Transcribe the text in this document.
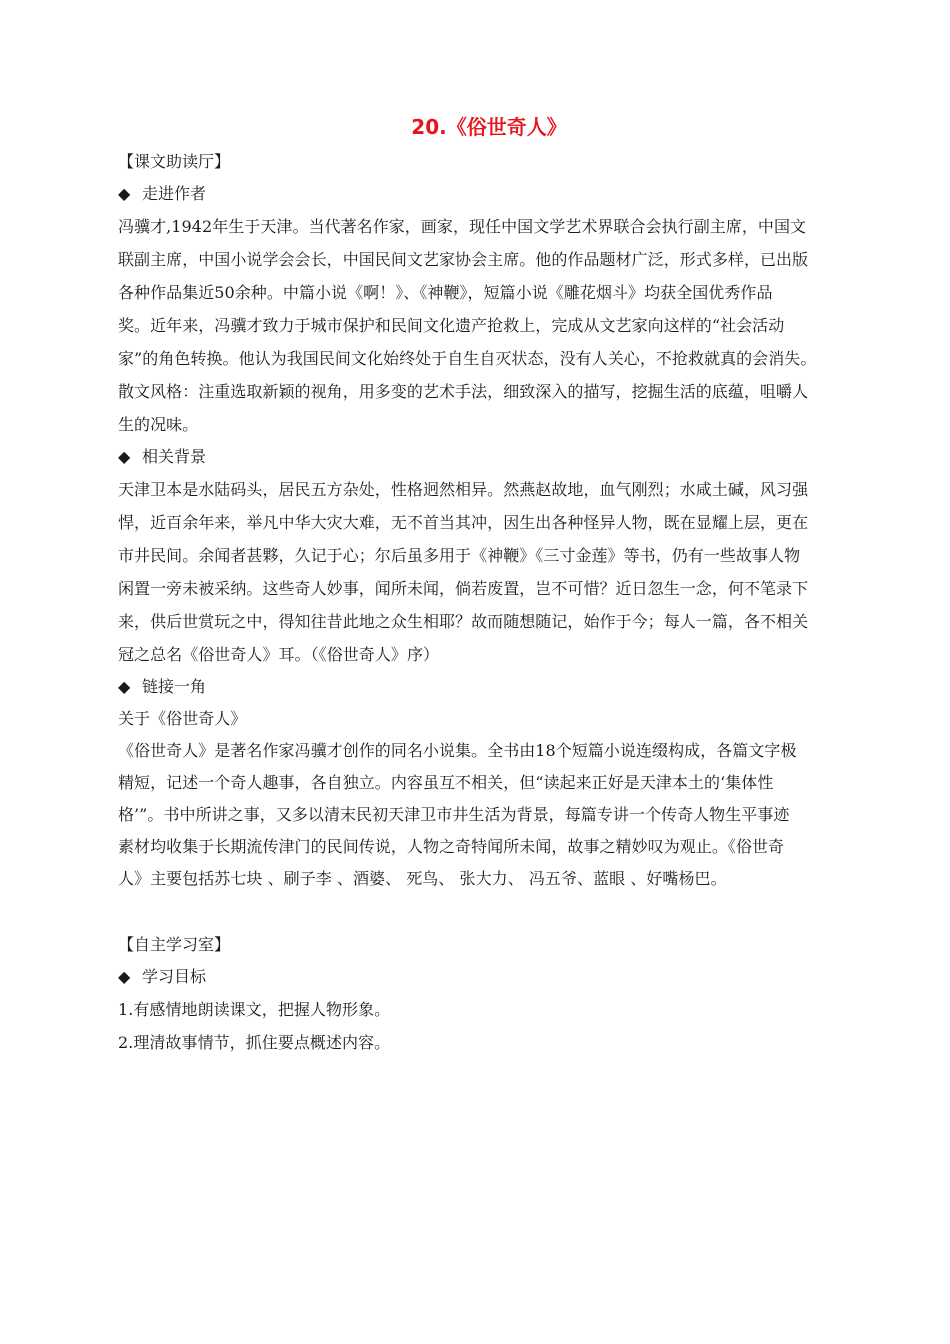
20.《俗世奇人》
【课文助读厅】
◆ 走进作者
冯骥才,1942年生于天津。当代著名作家，画家，现任中国文学艺术界联合会执行副主席，中国文
联副主席，中国小说学会会长，中国民间文艺家协会主席。他的作品题材广泛，形式多样，已出版
各种作品集近50余种。中篇小说《啊！》、《神鞭》，短篇小说《雕花烟斗》均获全国优秀作品
奖。近年来，冯骥才致力于城市保护和民间文化遗产抢救上，完成从文艺家向这样的“社会活动
家”的角色转换。他认为我国民间文化始终处于自生自灭状态，没有人关心，不抢救就真的会消失。
散文风格：注重选取新颖的视角，用多变的艺术手法，细致深入的描写，挖掘生活的底蕴，咀嚼人
生的况味。
◆ 相关背景
天津卫本是水陆码头，居民五方杂处，性格迥然相异。然燕赵故地，血气刚烈；水咸土碱，风习强
悍，近百余年来，举凡中华大灾大难，无不首当其冲，因生出各种怪异人物，既在显耀上层，更在
市井民间。余闻者甚夥，久记于心；尔后虽多用于《神鞭》《三寸金莲》等书，仍有一些故事人物
闲置一旁未被采纳。这些奇人妙事，闻所未闻，倘若废置，岂不可惜？近日忽生一念，何不笔录下
来，供后世赏玩之中，得知往昔此地之众生相耶？故而随想随记，始作于今；每人一篇，各不相关
冠之总名《俗世奇人》耳。（《俗世奇人》序）
◆ 链接一角
关于《俗世奇人》
《俗世奇人》是著名作家冯骥才创作的同名小说集。全书由18个短篇小说连缀构成，各篇文字极
精短，记述一个奇人趣事，各自独立。内容虽互不相关，但“读起来正好是天津本土的‘集体性
格’”。书中所讲之事，又多以清末民初天津卫市井生活为背景，每篇专讲一个传奇人物生平事迹
素材均收集于长期流传津门的民间传说，人物之奇特闻所未闻，故事之精妙叹为观止。《俗世奇
人》主要包括苏七块 、刷子李 、酒婆、 死鸟、 张大力、 冯五爷、蓝眼 、好嘴杨巴。
【自主学习室】
◆ 学习目标
1.有感情地朗读课文，把握人物形象。
2.理清故事情节，抓住要点概述内容。
